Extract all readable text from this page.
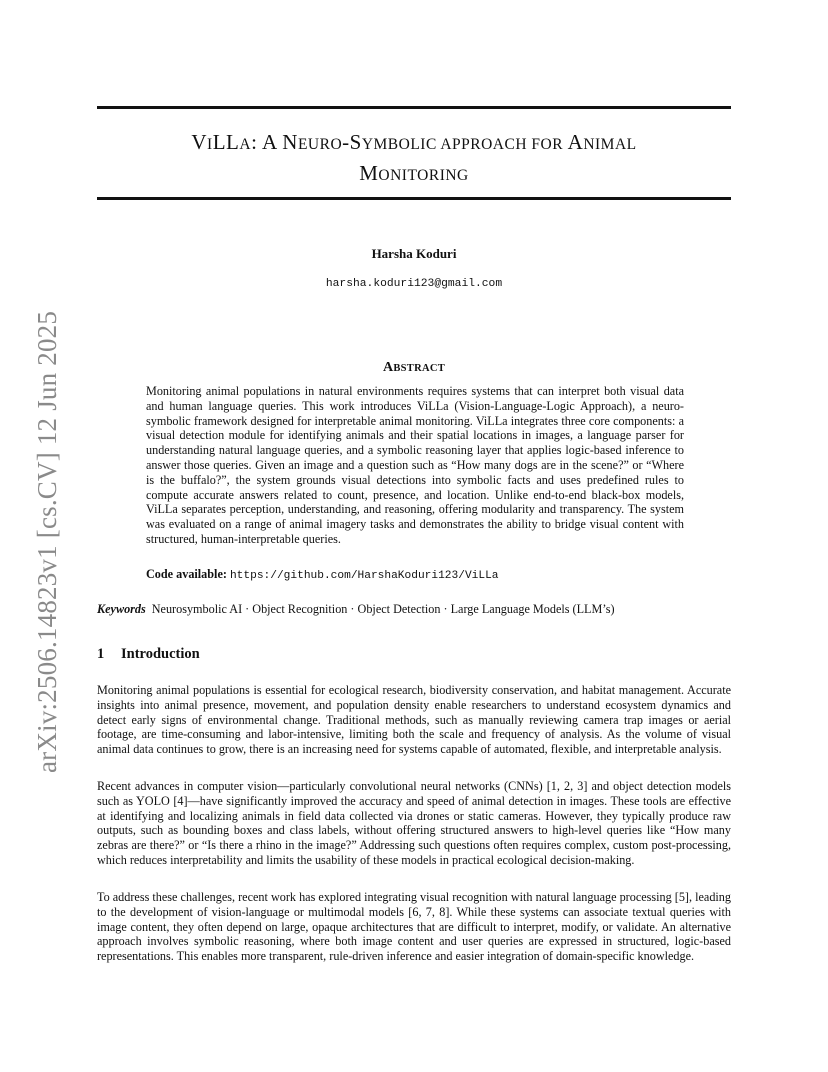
arXiv:2506.14823v1 [cs.CV] 12 Jun 2025
VILLA: A NEURO-SYMBOLIC APPROACH FOR ANIMAL
MONITORING
Harsha Koduri
harsha.koduri123@gmail.com
ABSTRACT
Monitoring animal populations in natural environments requires systems that can interpret both visual data and human language queries. This work introduces ViLLa (Vision-Language-Logic Approach), a neuro-symbolic framework designed for interpretable animal monitoring. ViLLa integrates three core components: a visual detection module for identifying animals and their spatial locations in images, a language parser for understanding natural language queries, and a symbolic reasoning layer that applies logic-based inference to answer those queries. Given an image and a question such as “How many dogs are in the scene?” or “Where is the buffalo?”, the system grounds visual detections into symbolic facts and uses predefined rules to compute accurate answers related to count, presence, and location. Unlike end-to-end black-box models, ViLLa separates perception, understanding, and reasoning, offering modularity and transparency. The system was evaluated on a range of animal imagery tasks and demonstrates the ability to bridge visual content with structured, human-interpretable queries.
Code available: https://github.com/HarshaKoduri123/ViLLa
Keywords Neurosymbolic AI · Object Recognition · Object Detection · Large Language Models (LLM’s)
1 Introduction

Monitoring animal populations is essential for ecological research, biodiversity conservation, and habitat management. Accurate insights into animal presence, movement, and population density enable researchers to understand ecosystem dynamics and detect early signs of environmental change. Traditional methods, such as manually reviewing camera trap images or aerial footage, are time-consuming and labor-intensive, limiting both the scale and frequency of analysis. As the volume of visual animal data continues to grow, there is an increasing need for systems capable of automated, flexible, and interpretable analysis.

Recent advances in computer vision—particularly convolutional neural networks (CNNs) [1, 2, 3] and object detection models such as YOLO [4]—have significantly improved the accuracy and speed of animal detection in images. These tools are effective at identifying and localizing animals in field data collected via drones or static cameras. However, they typically produce raw outputs, such as bounding boxes and class labels, without offering structured answers to high-level queries like “How many zebras are there?” or “Is there a rhino in the image?” Addressing such questions often requires complex, custom post-processing, which reduces interpretability and limits the usability of these models in practical ecological decision-making.

To address these challenges, recent work has explored integrating visual recognition with natural language processing [5], leading to the development of vision-language or multimodal models [6, 7, 8]. While these systems can associate textual queries with image content, they often depend on large, opaque architectures that are difficult to interpret, modify, or validate. An alternative approach involves symbolic reasoning, where both image content and user queries are expressed in structured, logic-based representations. This enables more transparent, rule-driven inference and easier integration of domain-specific knowledge.
